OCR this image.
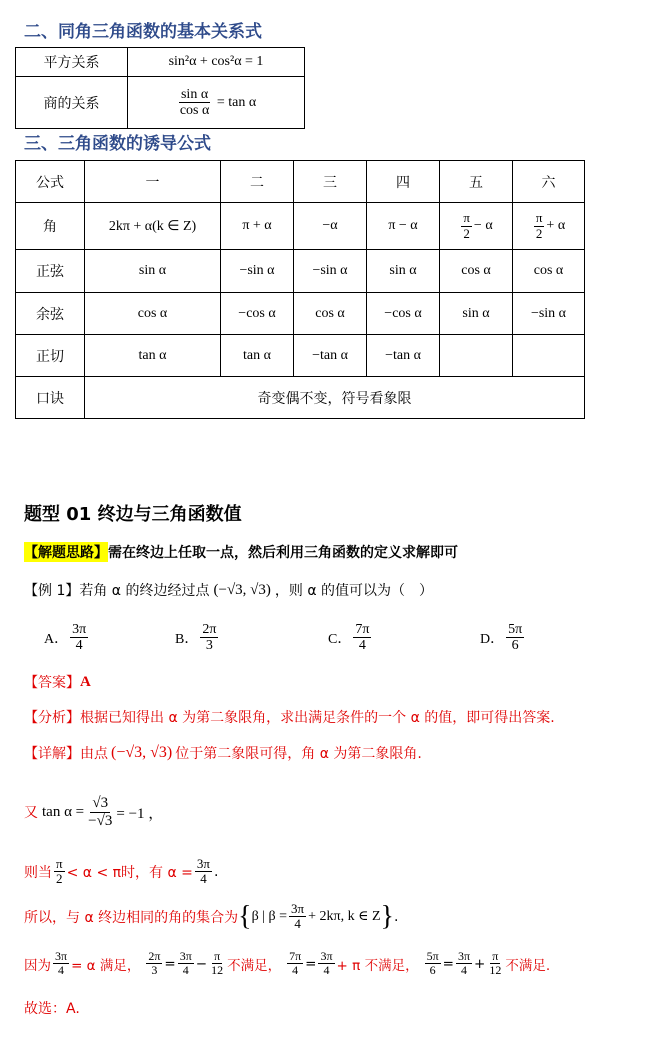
二、同角三角函数的基本关系式
平方关系	sin²α + cos²α = 1
商的关系	$\frac{\text{sin α}}{\text{cos α}} = \tan \alpha$
三、三角函数的诱导公式
公式	一	二	三	四	五	六
角	2kπ + α(k ∈ Z)	π + α	−α	π − α	$\frac{\pi}{2} - \alpha$	$\frac{\pi}{2} + \alpha$
正弦	sin α	−sin α	−sin α	sin α	cos α	cos α
余弦	cos α	−cos α	cos α	−cos α	sin α	−sin α
正切	tan α	tan α	−tan α	−tan α		
口诀	奇变偶不变，符号看象限					
题型 01 终边与三角函数值
【解题思路】 需在终边上任取一点，然后利用三角函数的定义求解即可
【例 1】若角 α 的终边经过点 (−√3, √3) ，则 α 的值可以为（　）
A． $\frac{3\pi}{4}$	B． $\frac{2\pi}{3}$	C． $\frac{7\pi}{4}$	D． $\frac{5\pi}{6}$
【答案】 A
【分析】 根据已知得出 α 为第二象限角，求出满足条件的一个 α 的值，即可得出答案.
【详解】 由点 (−√3, √3) 位于第二象限可得，角 α 为第二象限角.
又 $\tan \alpha = \frac{√3}{-√3} = -1$ ，
则当 $\frac{\pi}{2} < \alpha < \pi$时，有 $\alpha = \frac{3\pi}{4}$ .
所以，与 α 终边相同的角的集合为 { β | $\beta = \frac{3\pi}{4} + 2k\pi$, k ∈ Z } .
因为 $\frac{3\pi}{4} = \alpha$ 满足， $\frac{2\pi}{3} = \frac{3\pi}{4} - \frac{\pi}{12}$ 不满足， $\frac{7\pi}{4} = \frac{3\pi}{4} + \pi$ 不满足， $\frac{5\pi}{6} = \frac{3\pi}{4} + \frac{\pi}{12}$ 不满足.
故选：A.
